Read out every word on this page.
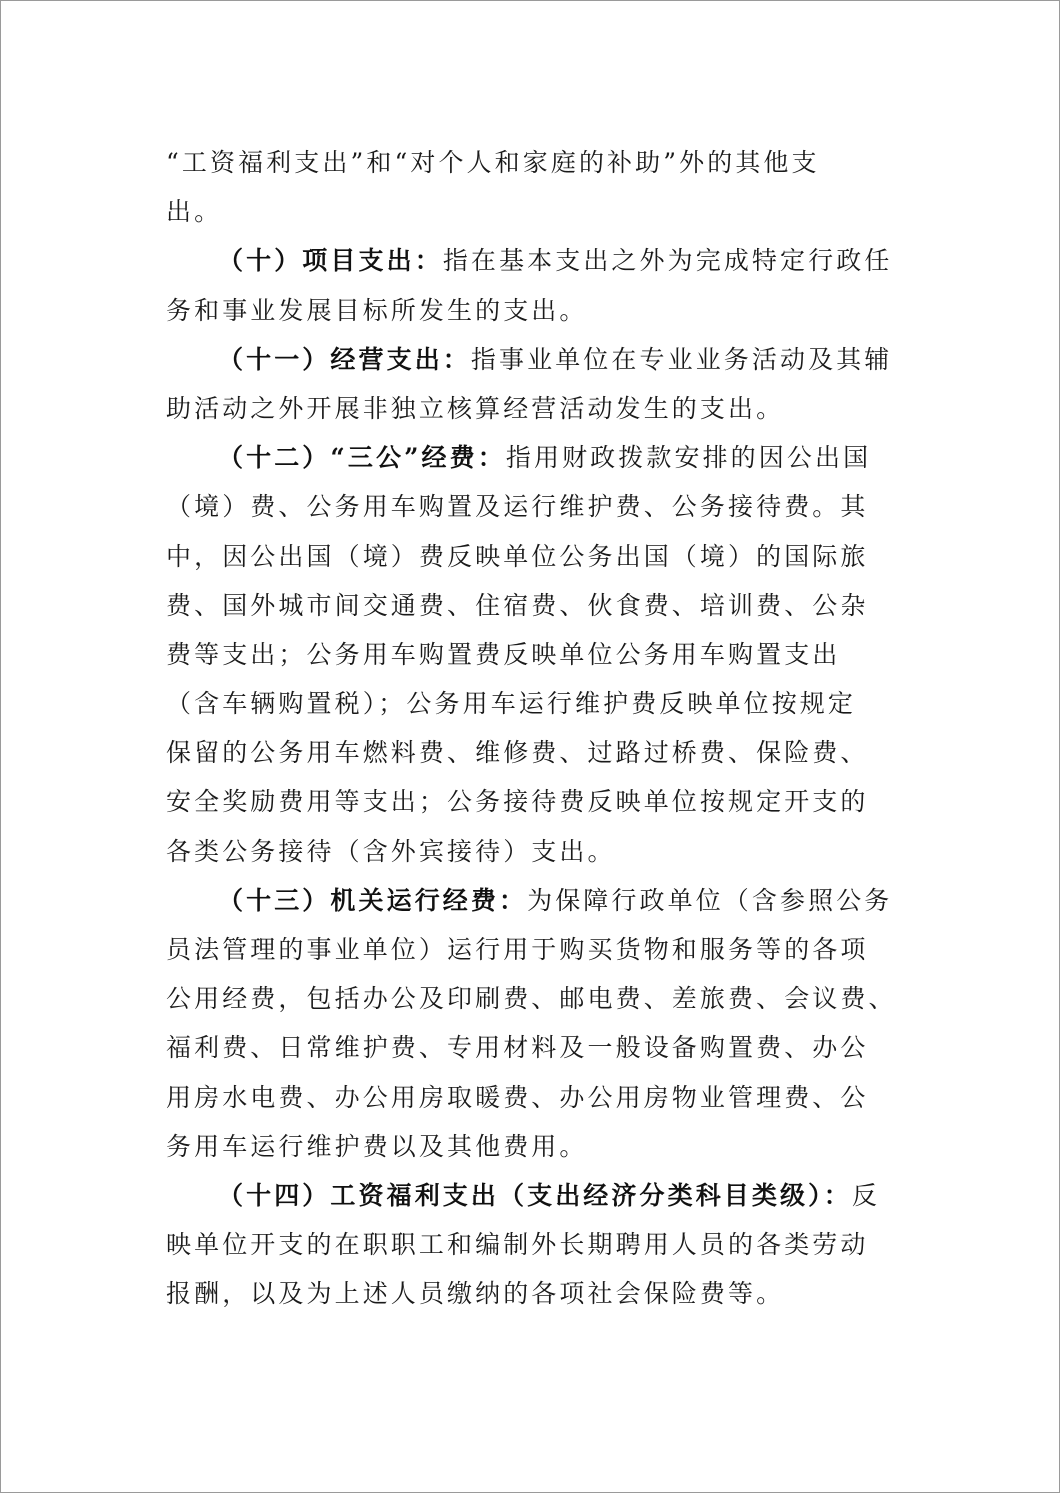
“工资福利支出”和“对个人和家庭的补助”外的其他支
出。
（十）项目支出：指在基本支出之外为完成特定行政任
务和事业发展目标所发生的支出。
（十一）经营支出：指事业单位在专业业务活动及其辅
助活动之外开展非独立核算经营活动发生的支出。
（十二）“三公”经费：指用财政拨款安排的因公出国
（境）费、公务用车购置及运行维护费、公务接待费。其
中，因公出国（境）费反映单位公务出国（境）的国际旅
费、国外城市间交通费、住宿费、伙食费、培训费、公杂
费等支出；公务用车购置费反映单位公务用车购置支出
（含车辆购置税）；公务用车运行维护费反映单位按规定
保留的公务用车燃料费、维修费、过路过桥费、保险费、
安全奖励费用等支出；公务接待费反映单位按规定开支的
各类公务接待（含外宾接待）支出。
（十三）机关运行经费：为保障行政单位（含参照公务
员法管理的事业单位）运行用于购买货物和服务等的各项
公用经费，包括办公及印刷费、邮电费、差旅费、会议费、
福利费、日常维护费、专用材料及一般设备购置费、办公
用房水电费、办公用房取暖费、办公用房物业管理费、公
务用车运行维护费以及其他费用。
（十四）工资福利支出（支出经济分类科目类级）：反
映单位开支的在职职工和编制外长期聘用人员的各类劳动
报酬，以及为上述人员缴纳的各项社会保险费等。
